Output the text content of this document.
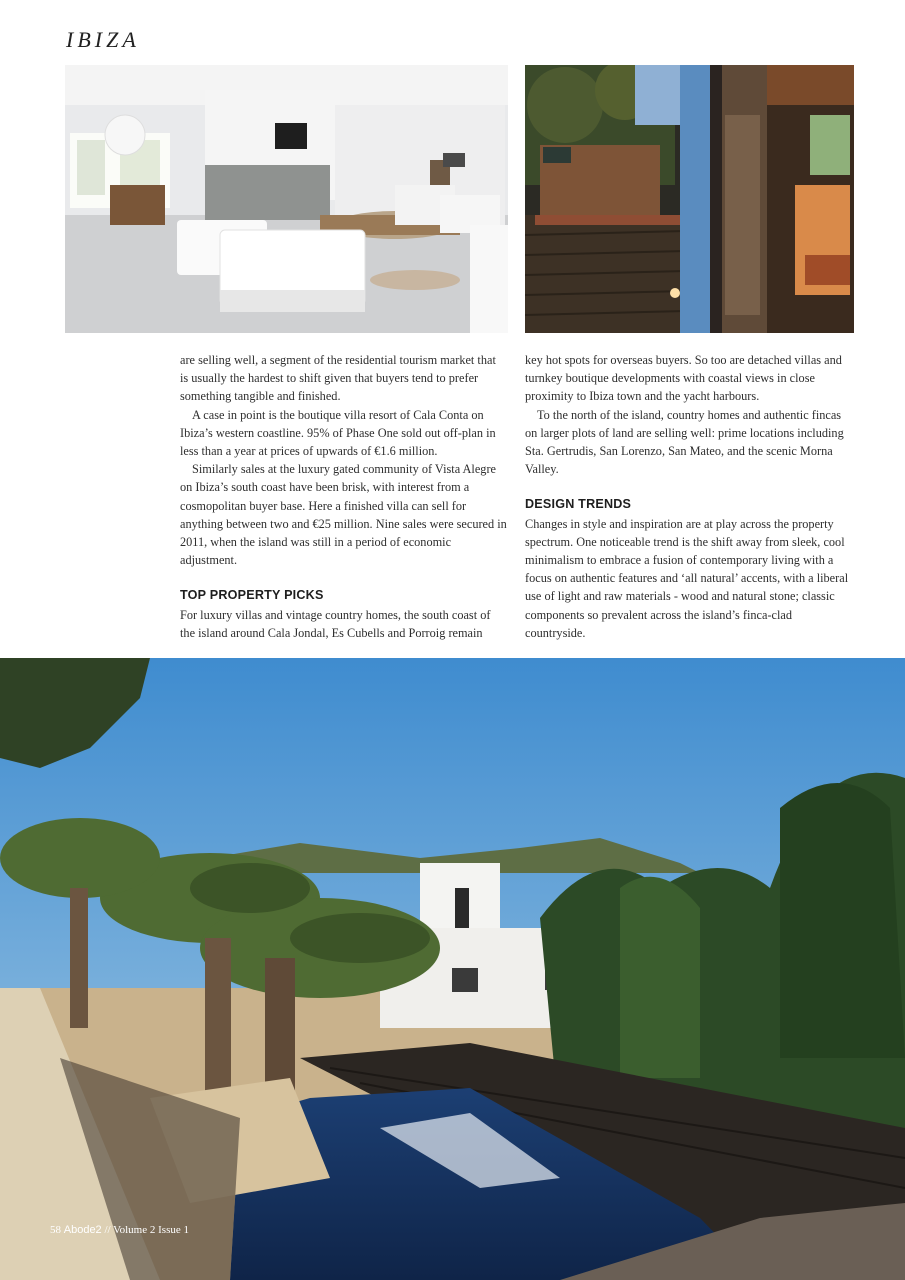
IBIZA

are selling well, a segment of the residential tourism market that is usually the hardest to shift given that buyers tend to prefer something tangible and finished.

A case in point is the boutique villa resort of Cala Conta on Ibiza’s western coastline. 95% of Phase One sold out off-plan in less than a year at prices of upwards of €1.6 million.

Similarly sales at the luxury gated community of Vista Alegre on Ibiza’s south coast have been brisk, with interest from a cosmopolitan buyer base. Here a finished villa can sell for anything between two and €25 million. Nine sales were secured in 2011, when the island was still in a period of economic adjustment.

TOP PROPERTY PICKS

For luxury villas and vintage country homes, the south coast of the island around Cala Jondal, Es Cubells and Porroig remain

key hot spots for overseas buyers. So too are detached villas and turnkey boutique developments with coastal views in close proximity to Ibiza town and the yacht harbours.

To the north of the island, country homes and authentic fincas on larger plots of land are selling well: prime locations including Sta. Gertrudis, San Lorenzo, San Mateo, and the scenic Morna Valley.

DESIGN TRENDS

Changes in style and inspiration are at play across the property spectrum. One noticeable trend is the shift away from sleek, cool minimalism to embrace a fusion of contemporary living with a focus on authentic features and ‘all natural’ accents, with a liberal use of light and raw materials - wood and natural stone; classic components so prevalent across the island’s finca-clad countryside.

58 Abode2 // Volume 2 Issue 1
